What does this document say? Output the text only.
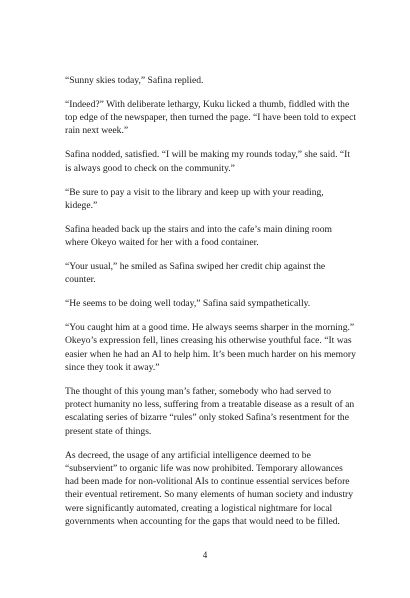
“Sunny skies today,” Safina replied.

“Indeed?” With deliberate lethargy, Kuku licked a thumb, fiddled with the top edge of the newspaper, then turned the page. “I have been told to expect rain next week.”

Safina nodded, satisfied. “I will be making my rounds today,” she said. “It is always good to check on the community.”

“Be sure to pay a visit to the library and keep up with your reading, kidege.”

Safina headed back up the stairs and into the cafe’s main dining room where Okeyo waited for her with a food container.

“Your usual,” he smiled as Safina swiped her credit chip against the counter.

“He seems to be doing well today,” Safina said sympathetically.

“You caught him at a good time. He always seems sharper in the morning.” Okeyo’s expression fell, lines creasing his otherwise youthful face. “It was easier when he had an AI to help him. It’s been much harder on his memory since they took it away.”

The thought of this young man’s father, somebody who had served to protect humanity no less, suffering from a treatable disease as a result of an escalating series of bizarre “rules” only stoked Safina’s resentment for the present state of things.

As decreed, the usage of any artificial intelligence deemed to be “subservient” to organic life was now prohibited. Temporary allowances had been made for non-volitional AIs to continue essential services before their eventual retirement. So many elements of human society and industry were significantly automated, creating a logistical nightmare for local governments when accounting for the gaps that would need to be filled.

4
